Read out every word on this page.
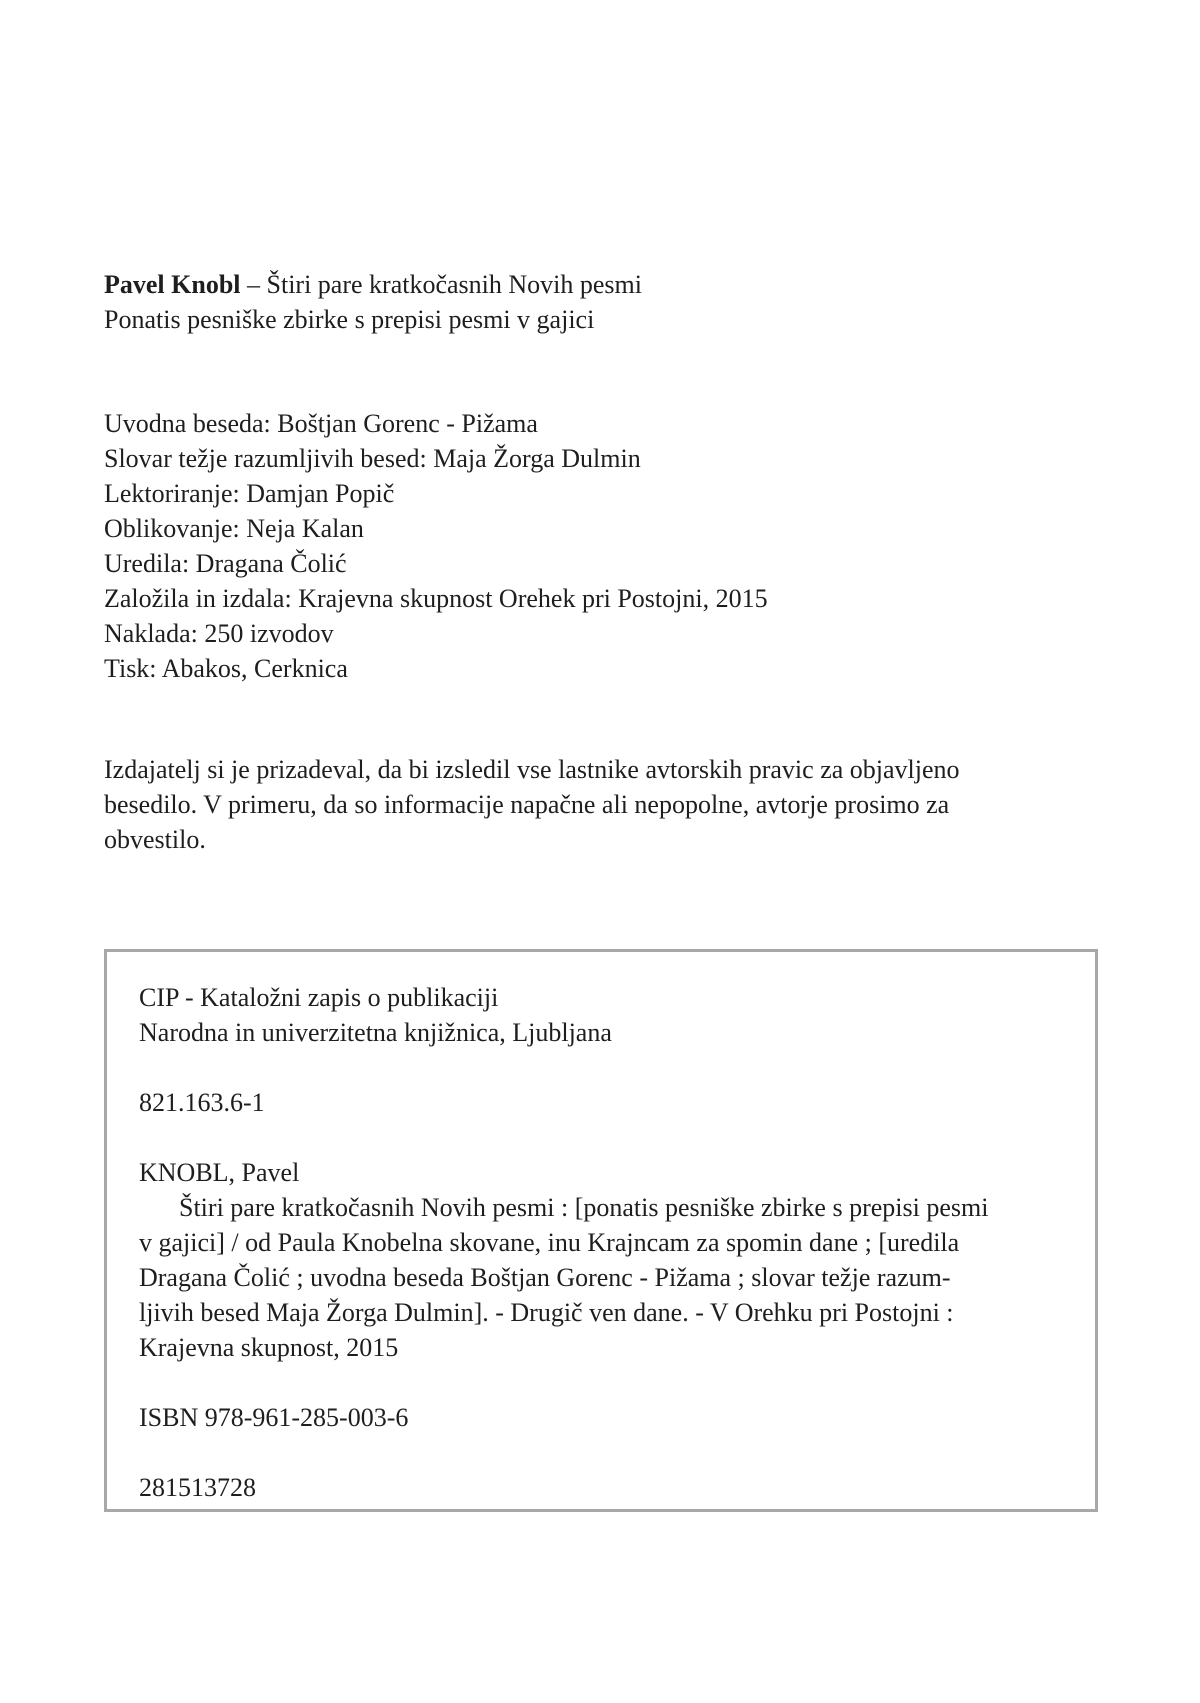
Pavel Knobl – Štiri pare kratkočasnih Novih pesmi
Ponatis pesniške zbirke s prepisi pesmi v gajici
Uvodna beseda: Boštjan Gorenc - Pižama
Slovar težje razumljivih besed: Maja Žorga Dulmin
Lektoriranje: Damjan Popič
Oblikovanje: Neja Kalan
Uredila: Dragana Čolić
Založila in izdala: Krajevna skupnost Orehek pri Postojni, 2015
Naklada: 250 izvodov
Tisk: Abakos, Cerknica
Izdajatelj si je prizadeval, da bi izsledil vse lastnike avtorskih pravic za objavljeno
besedilo. V primeru, da so informacije napačne ali nepopolne, avtorje prosimo za
obvestilo.
CIP - Kataložni zapis o publikaciji
Narodna in univerzitetna knjižnica, Ljubljana
821.163.6-1
KNOBL, Pavel
Štiri pare kratkočasnih Novih pesmi : [ponatis pesniške zbirke s prepisi pesmi
v gajici] / od Paula Knobelna skovane, inu Krajncam za spomin dane ; [uredila
Dragana Čolić ; uvodna beseda Boštjan Gorenc - Pižama ; slovar težje razum-
ljivih besed Maja Žorga Dulmin]. - Drugič ven dane. - V Orehku pri Postojni :
Krajevna skupnost, 2015
ISBN 978-961-285-003-6
281513728
